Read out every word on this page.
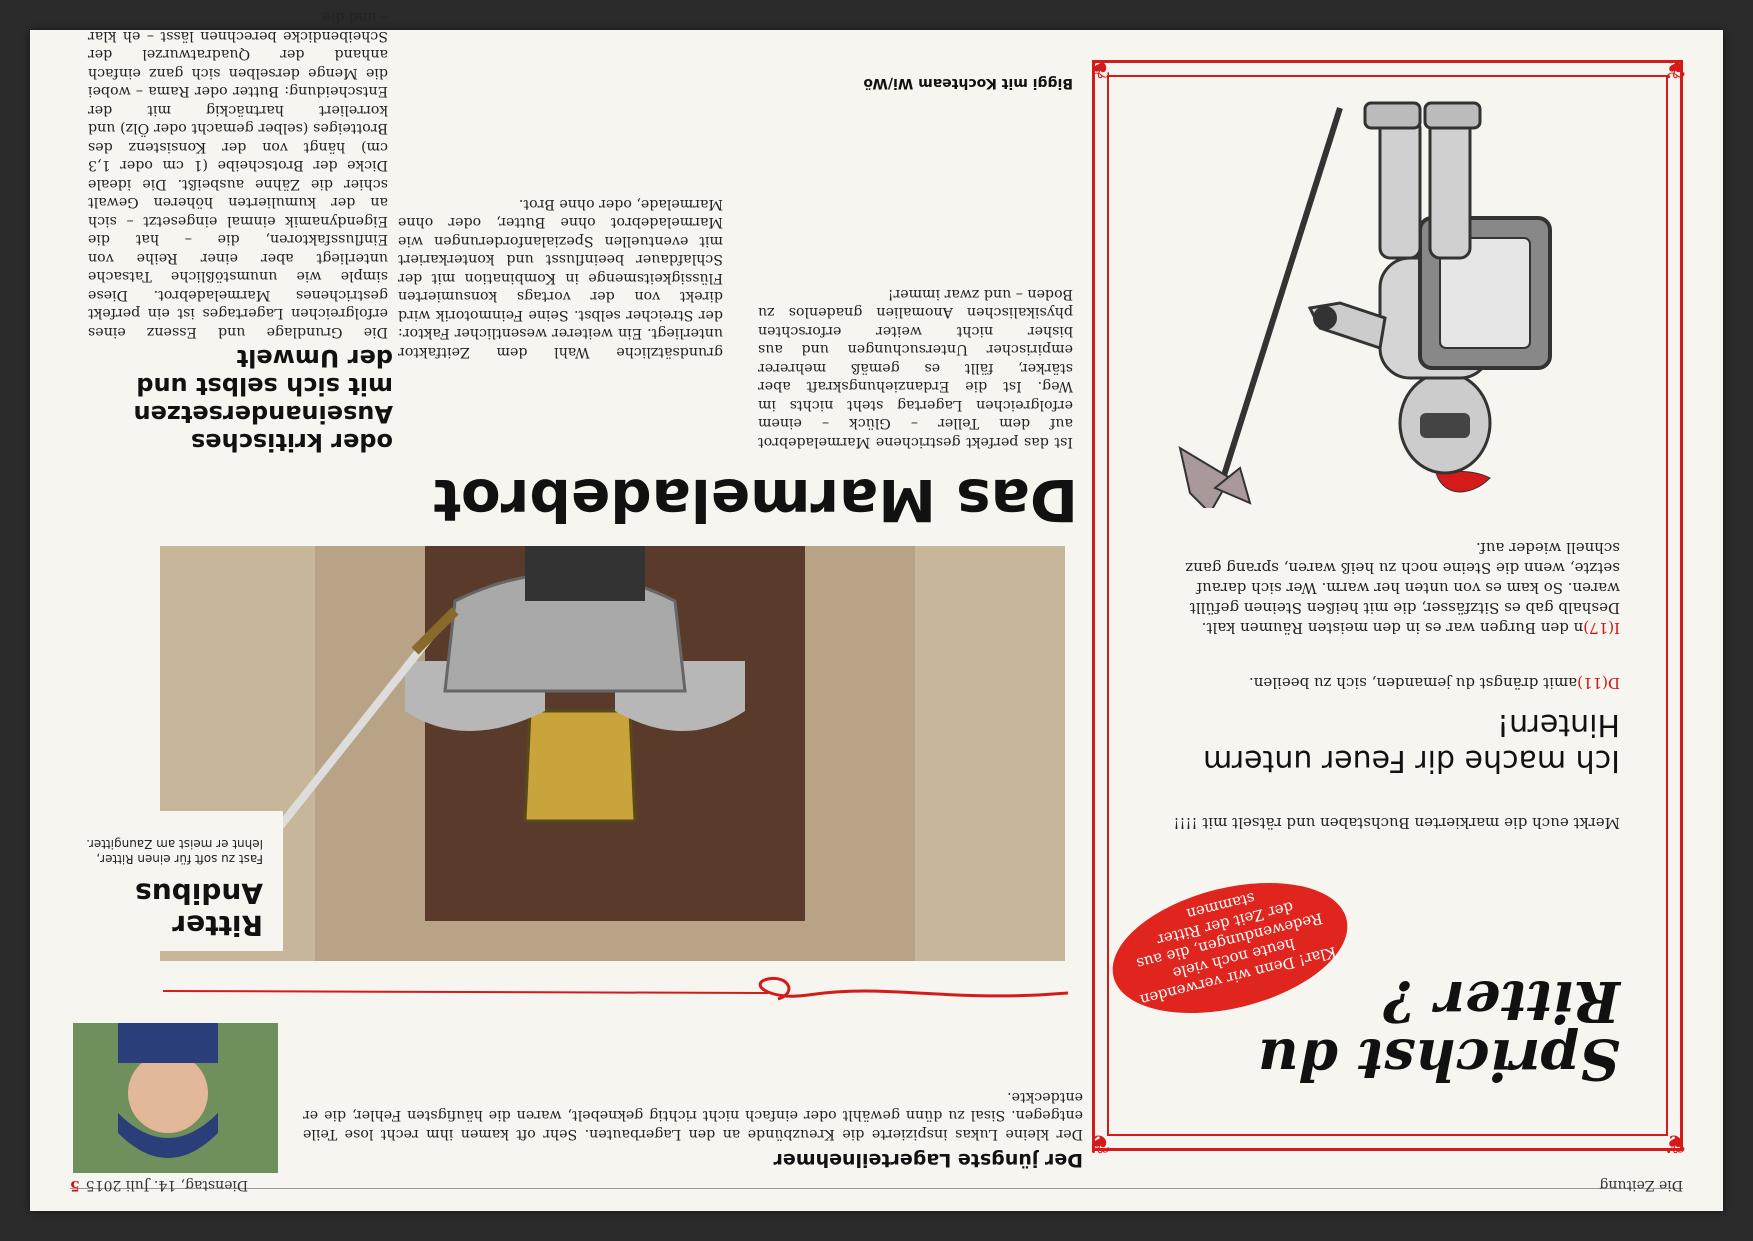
Die Zeitung
Dienstag, 14. Juli 20155
❦
❦
❦
❦
Sprichst du
Ritter ?
Klar! Denn wir verwenden heute noch viele Redewendungen, die aus der Zeit der Ritter stammen
Merkt euch die markierten Buchstaben und rätselt mit !!!!
Ich mache dir Feuer unterm Hintern!
D(11)amit drängst du jemanden, sich zu beeilen.
I(17)n den Burgen war es in den meisten Räumen kalt. Deshalb gab es Sitzfässer, die mit heißen Steinen gefüllt waren. So kam es von unten her warm. Wer sich darauf setzte, wenn die Steine noch zu heiß waren, sprang ganz schnell wieder auf.
Ritter Andibus
Fast zu soft für einen Ritter, lehnt er meist am Zaungitter.
Das Marmeladebrot
oder kritisches Auseinandersetzen mit sich selbst und der Umwelt
Die Grundlage und Essenz eines erfolgreichen Lagertages ist ein perfekt gestrichenes Marmeladebrot. Diese simple wie unumstößliche Tatsache unterliegt aber einer Reihe von Einflussfaktoren, die – hat die Eigendynamik einmal eingesetzt – sich an der kumulierten höheren Gewalt schier die Zähne ausbeißt. Die ideale Dicke der Brotscheibe (1 cm oder 1,3 cm) hängt von der Konsistenz des Brotteiges (selber gemacht oder Ölz) und korreliert hartnäckig mit der Entscheidung: Butter oder Rama – wobei die Menge derselben sich ganz einfach anhand der Quadratwurzel der Scheibendicke berechnen lässt – eh klar – und die
grundsätzliche Wahl dem Zeitfaktor unterliegt. Ein weiterer wesentlicher Faktor: der Streicher selbst. Seine Feinmotorik wird direkt von der vortags konsumierten Flüssigkeitsmenge in Kombination mit der Schlafdauer beeinflusst und konterkariert mit eventuellen Spezialanforderungen wie Marmeladebrot ohne Butter, oder ohne Marmelade, oder ohne Brot.
Ist das perfekt gestrichene Marmeladebrot auf dem Teller – Glück – einem erfolgreichen Lagertag steht nichts im Weg. Ist die Erdanziehungskraft aber stärker, fällt es gemäß mehrerer empirischer Untersuchungen und aus bisher nicht weiter erforschten physikalischen Anomalien gnadenlos zu Boden – und zwar immer!
Biggi mit Kochteam Wi/Wö
Der jüngste Lagerteilnehmer
Der kleine Lukas inspizierte die Kreuzbünde an den Lagerbauten. Sehr oft kamen ihm recht lose Teile entgegen. Sisal zu dünn gewählt oder einfach nicht richtig geknebelt, waren die häufigsten Fehler, die er entdeckte.
